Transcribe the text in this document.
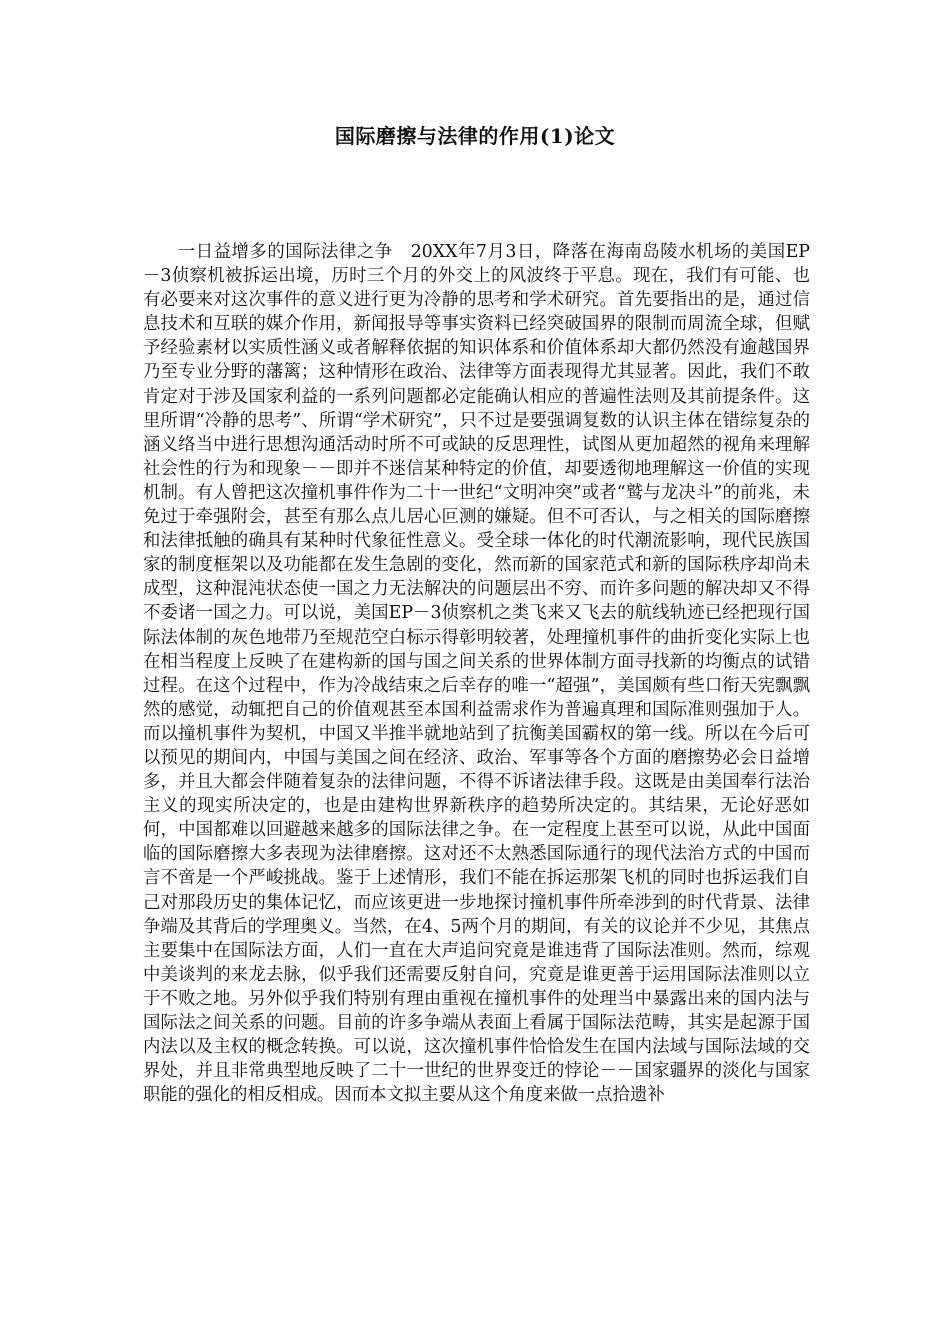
国际磨擦与法律的作用(1)论文

一日益增多的国际法律之争　20XX年7月3日，降落在海南岛陵水机场的美国EP－3侦察机被拆运出境，历时三个月的外交上的风波终于平息。现在，我们有可能、也有必要来对这次事件的意义进行更为冷静的思考和学术研究。首先要指出的是，通过信息技术和互联的媒介作用，新闻报导等事实资料已经突破国界的限制而周流全球，但赋予经验素材以实质性涵义或者解释依据的知识体系和价值体系却大都仍然没有逾越国界乃至专业分野的藩篱；这种情形在政治、法律等方面表现得尤其显著。因此，我们不敢肯定对于涉及国家利益的一系列问题都必定能确认相应的普遍性法则及其前提条件。这里所谓“冷静的思考”、所谓“学术研究”，只不过是要强调复数的认识主体在错综复杂的涵义络当中进行思想沟通活动时所不可或缺的反思理性，试图从更加超然的视角来理解社会性的行为和现象－－即并不迷信某种特定的价值，却要透彻地理解这一价值的实现机制。有人曾把这次撞机事件作为二十一世纪“文明冲突”或者“鹫与龙决斗”的前兆，未免过于牵强附会，甚至有那么点儿居心叵测的嫌疑。但不可否认，与之相关的国际磨擦和法律抵触的确具有某种时代象征性意义。受全球一体化的时代潮流影响，现代民族国家的制度框架以及功能都在发生急剧的变化，然而新的国家范式和新的国际秩序却尚未成型，这种混沌状态使一国之力无法解决的问题层出不穷、而许多问题的解决却又不得不委诸一国之力。可以说，美国EP－3侦察机之类飞来又飞去的航线轨迹已经把现行国际法体制的灰色地带乃至规范空白标示得彰明较著，处理撞机事件的曲折变化实际上也在相当程度上反映了在建构新的国与国之间关系的世界体制方面寻找新的均衡点的试错过程。在这个过程中，作为冷战结束之后幸存的唯一“超强”，美国颇有些口衔天宪飘飘然的感觉，动辄把自己的价值观甚至本国利益需求作为普遍真理和国际准则强加于人。而以撞机事件为契机，中国又半推半就地站到了抗衡美国霸权的第一线。所以在今后可以预见的期间内，中国与美国之间在经济、政治、军事等各个方面的磨擦势必会日益增多，并且大都会伴随着复杂的法律问题，不得不诉诸法律手段。这既是由美国奉行法治主义的现实所决定的，也是由建构世界新秩序的趋势所决定的。其结果，无论好恶如何，中国都难以回避越来越多的国际法律之争。在一定程度上甚至可以说，从此中国面临的国际磨擦大多表现为法律磨擦。这对还不太熟悉国际通行的现代法治方式的中国而言不啻是一个严峻挑战。鉴于上述情形，我们不能在拆运那架飞机的同时也拆运我们自己对那段历史的集体记忆，而应该更进一步地探讨撞机事件所牵涉到的时代背景、法律争端及其背后的学理奥义。当然，在4、5两个月的期间，有关的议论并不少见，其焦点主要集中在国际法方面，人们一直在大声追问究竟是谁违背了国际法准则。然而，综观中美谈判的来龙去脉，似乎我们还需要反射自问，究竟是谁更善于运用国际法准则以立于不败之地。另外似乎我们特别有理由重视在撞机事件的处理当中暴露出来的国内法与国际法之间关系的问题。目前的许多争端从表面上看属于国际法范畴，其实是起源于国内法以及主权的概念转换。可以说，这次撞机事件恰恰发生在国内法域与国际法域的交界处，并且非常典型地反映了二十一世纪的世界变迁的悖论－－国家疆界的淡化与国家职能的强化的相反相成。因而本文拟主要从这个角度来做一点拾遗补
